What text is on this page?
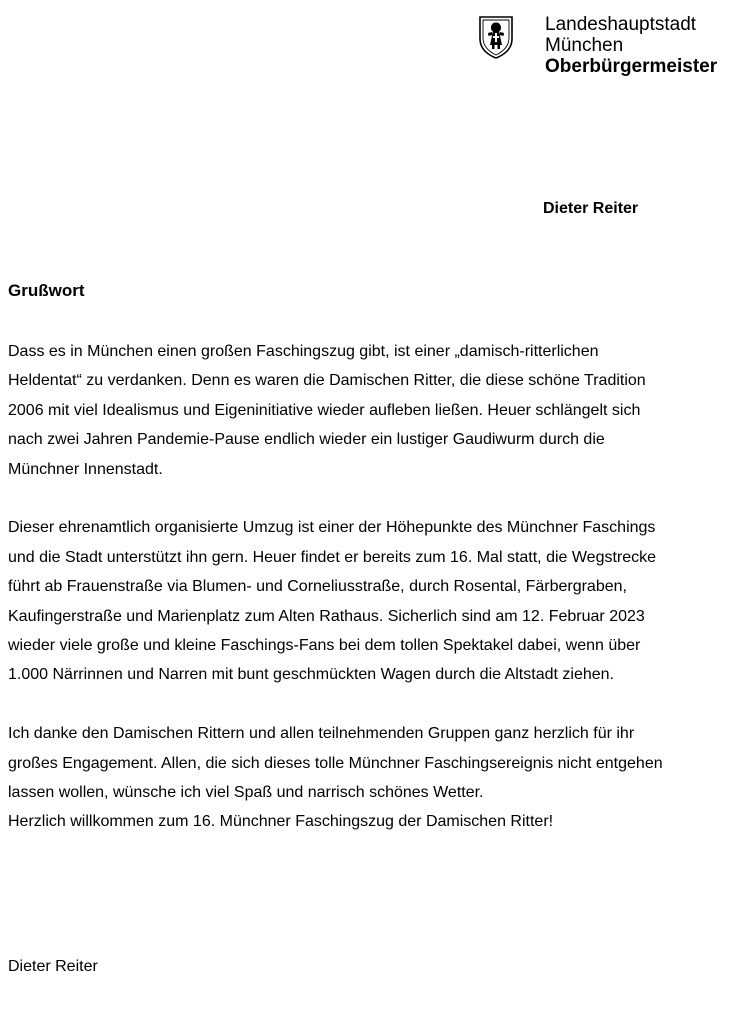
Landeshauptstadt
München
Oberbürgermeister
Dieter Reiter
Grußwort

Dass es in München einen großen Faschingszug gibt, ist einer „damisch-ritterlichen
Heldentat“ zu verdanken. Denn es waren die Damischen Ritter, die diese schöne Tradition
2006 mit viel Idealismus und Eigeninitiative wieder aufleben ließen. Heuer schlängelt sich
nach zwei Jahren Pandemie-Pause endlich wieder ein lustiger Gaudiwurm durch die
Münchner Innenstadt.

Dieser ehrenamtlich organisierte Umzug ist einer der Höhepunkte des Münchner Faschings
und die Stadt unterstützt ihn gern. Heuer findet er bereits zum 16. Mal statt, die Wegstrecke
führt ab Frauenstraße via Blumen- und Corneliusstraße, durch Rosental, Färbergraben,
Kaufingerstraße und Marienplatz zum Alten Rathaus. Sicherlich sind am 12. Februar 2023
wieder viele große und kleine Faschings-Fans bei dem tollen Spektakel dabei, wenn über
1.000 Närrinnen und Narren mit bunt geschmückten Wagen durch die Altstadt ziehen.

Ich danke den Damischen Rittern und allen teilnehmenden Gruppen ganz herzlich für ihr
großes Engagement. Allen, die sich dieses tolle Münchner Faschingsereignis nicht entgehen
lassen wollen, wünsche ich viel Spaß und narrisch schönes Wetter.
Herzlich willkommen zum 16. Münchner Faschingszug der Damischen Ritter!

Dieter Reiter
